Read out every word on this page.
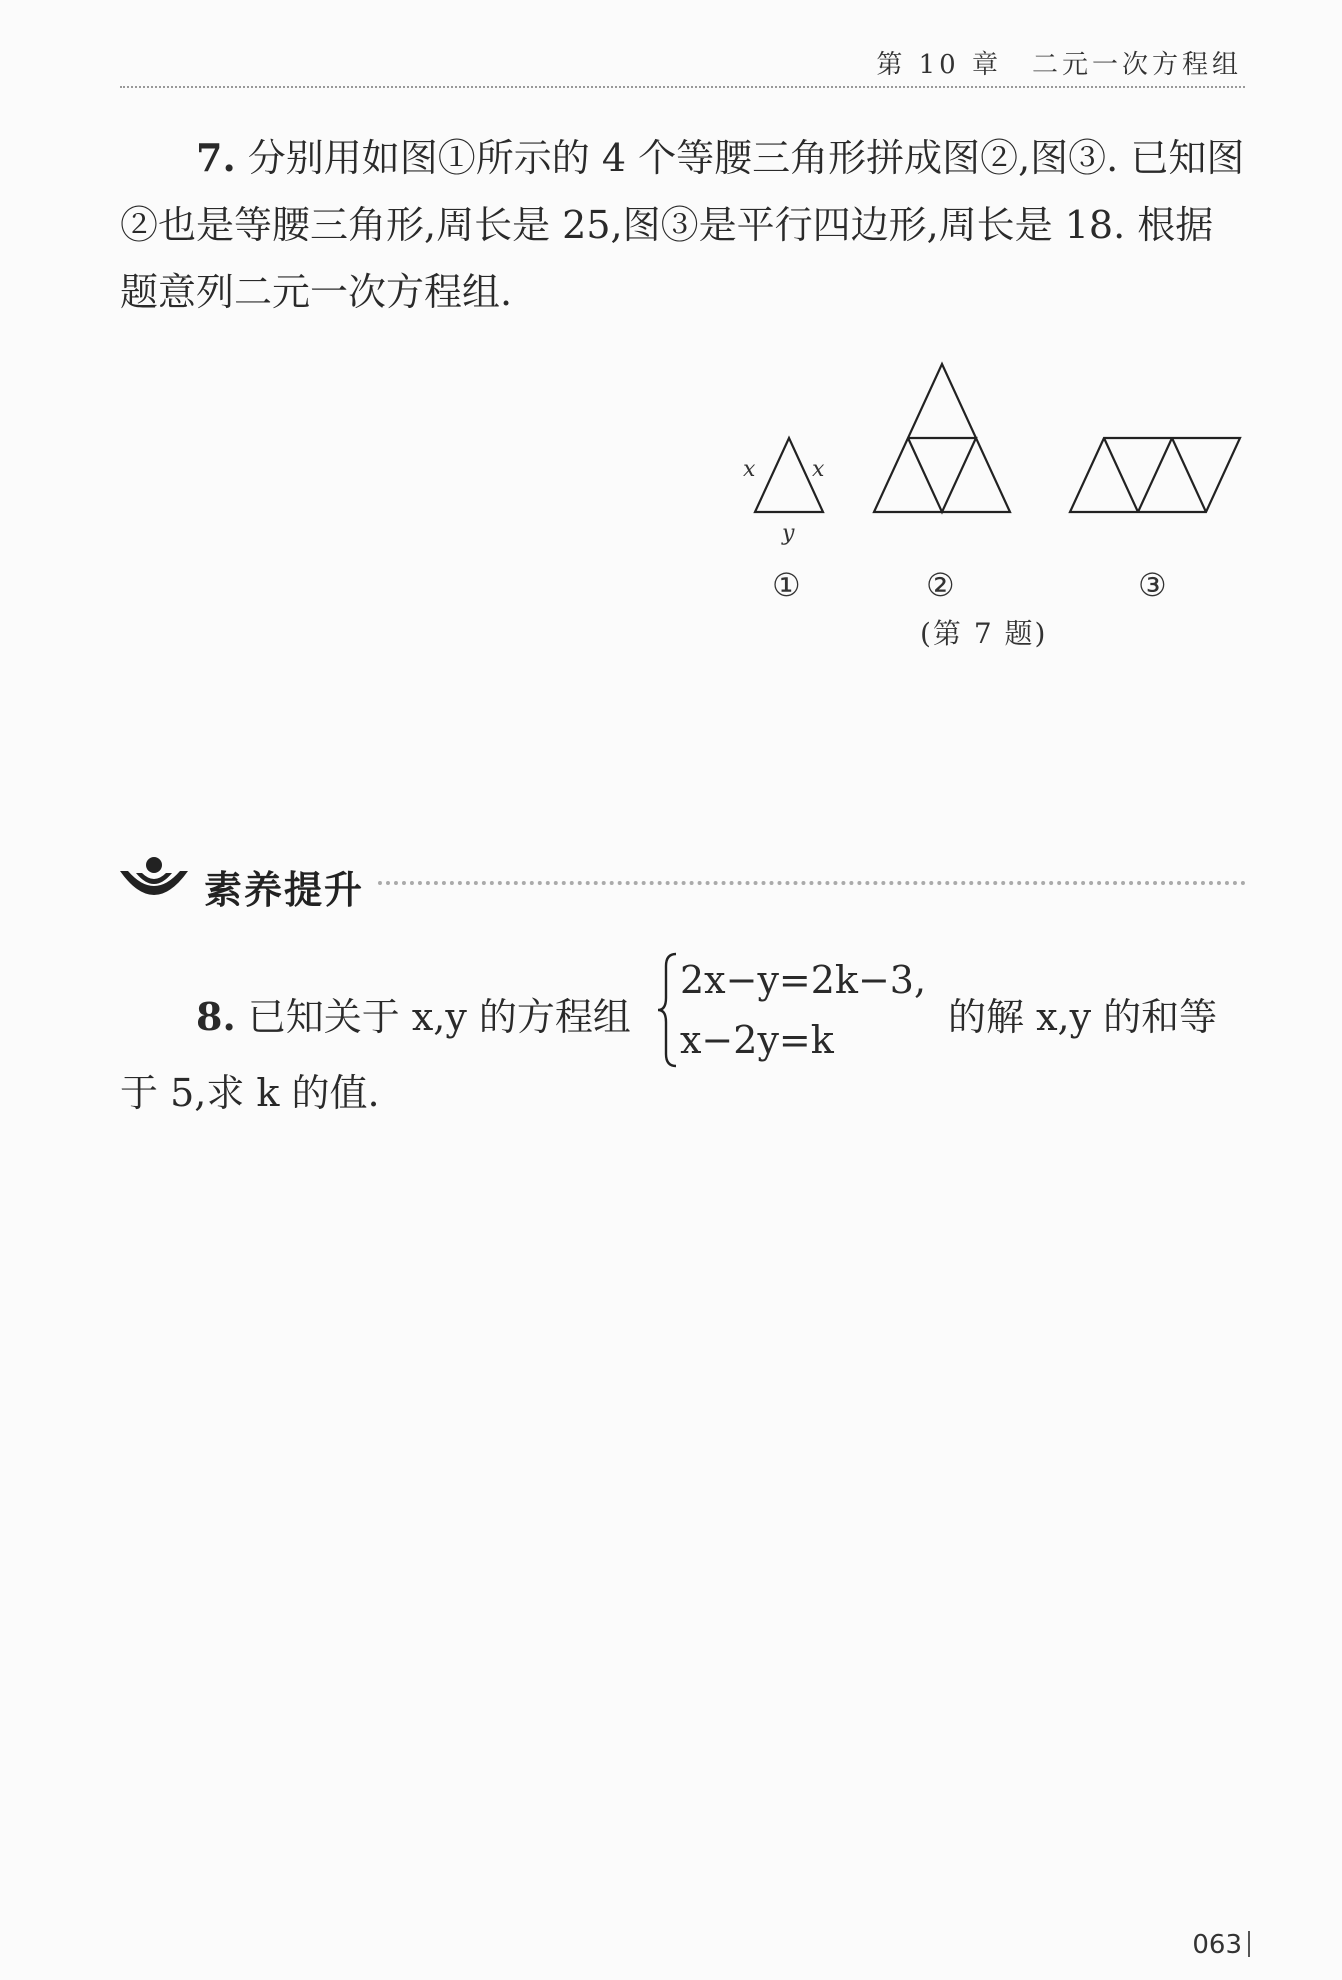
第 10 章　二元一次方程组
7. 分别用如图①所示的 4 个等腰三角形拼成图②,图③. 已知图②也是等腰三角形,周长是 25,图③是平行四边形,周长是 18. 根据题意列二元一次方程组.
x	x
y
①	②	③
(第 7 题)
素养提升
8. 已知关于 x,y 的方程组
2x−y=2k−3,
x−2y=k
的解 x,y 的和等
于 5,求 k 的值.
063
